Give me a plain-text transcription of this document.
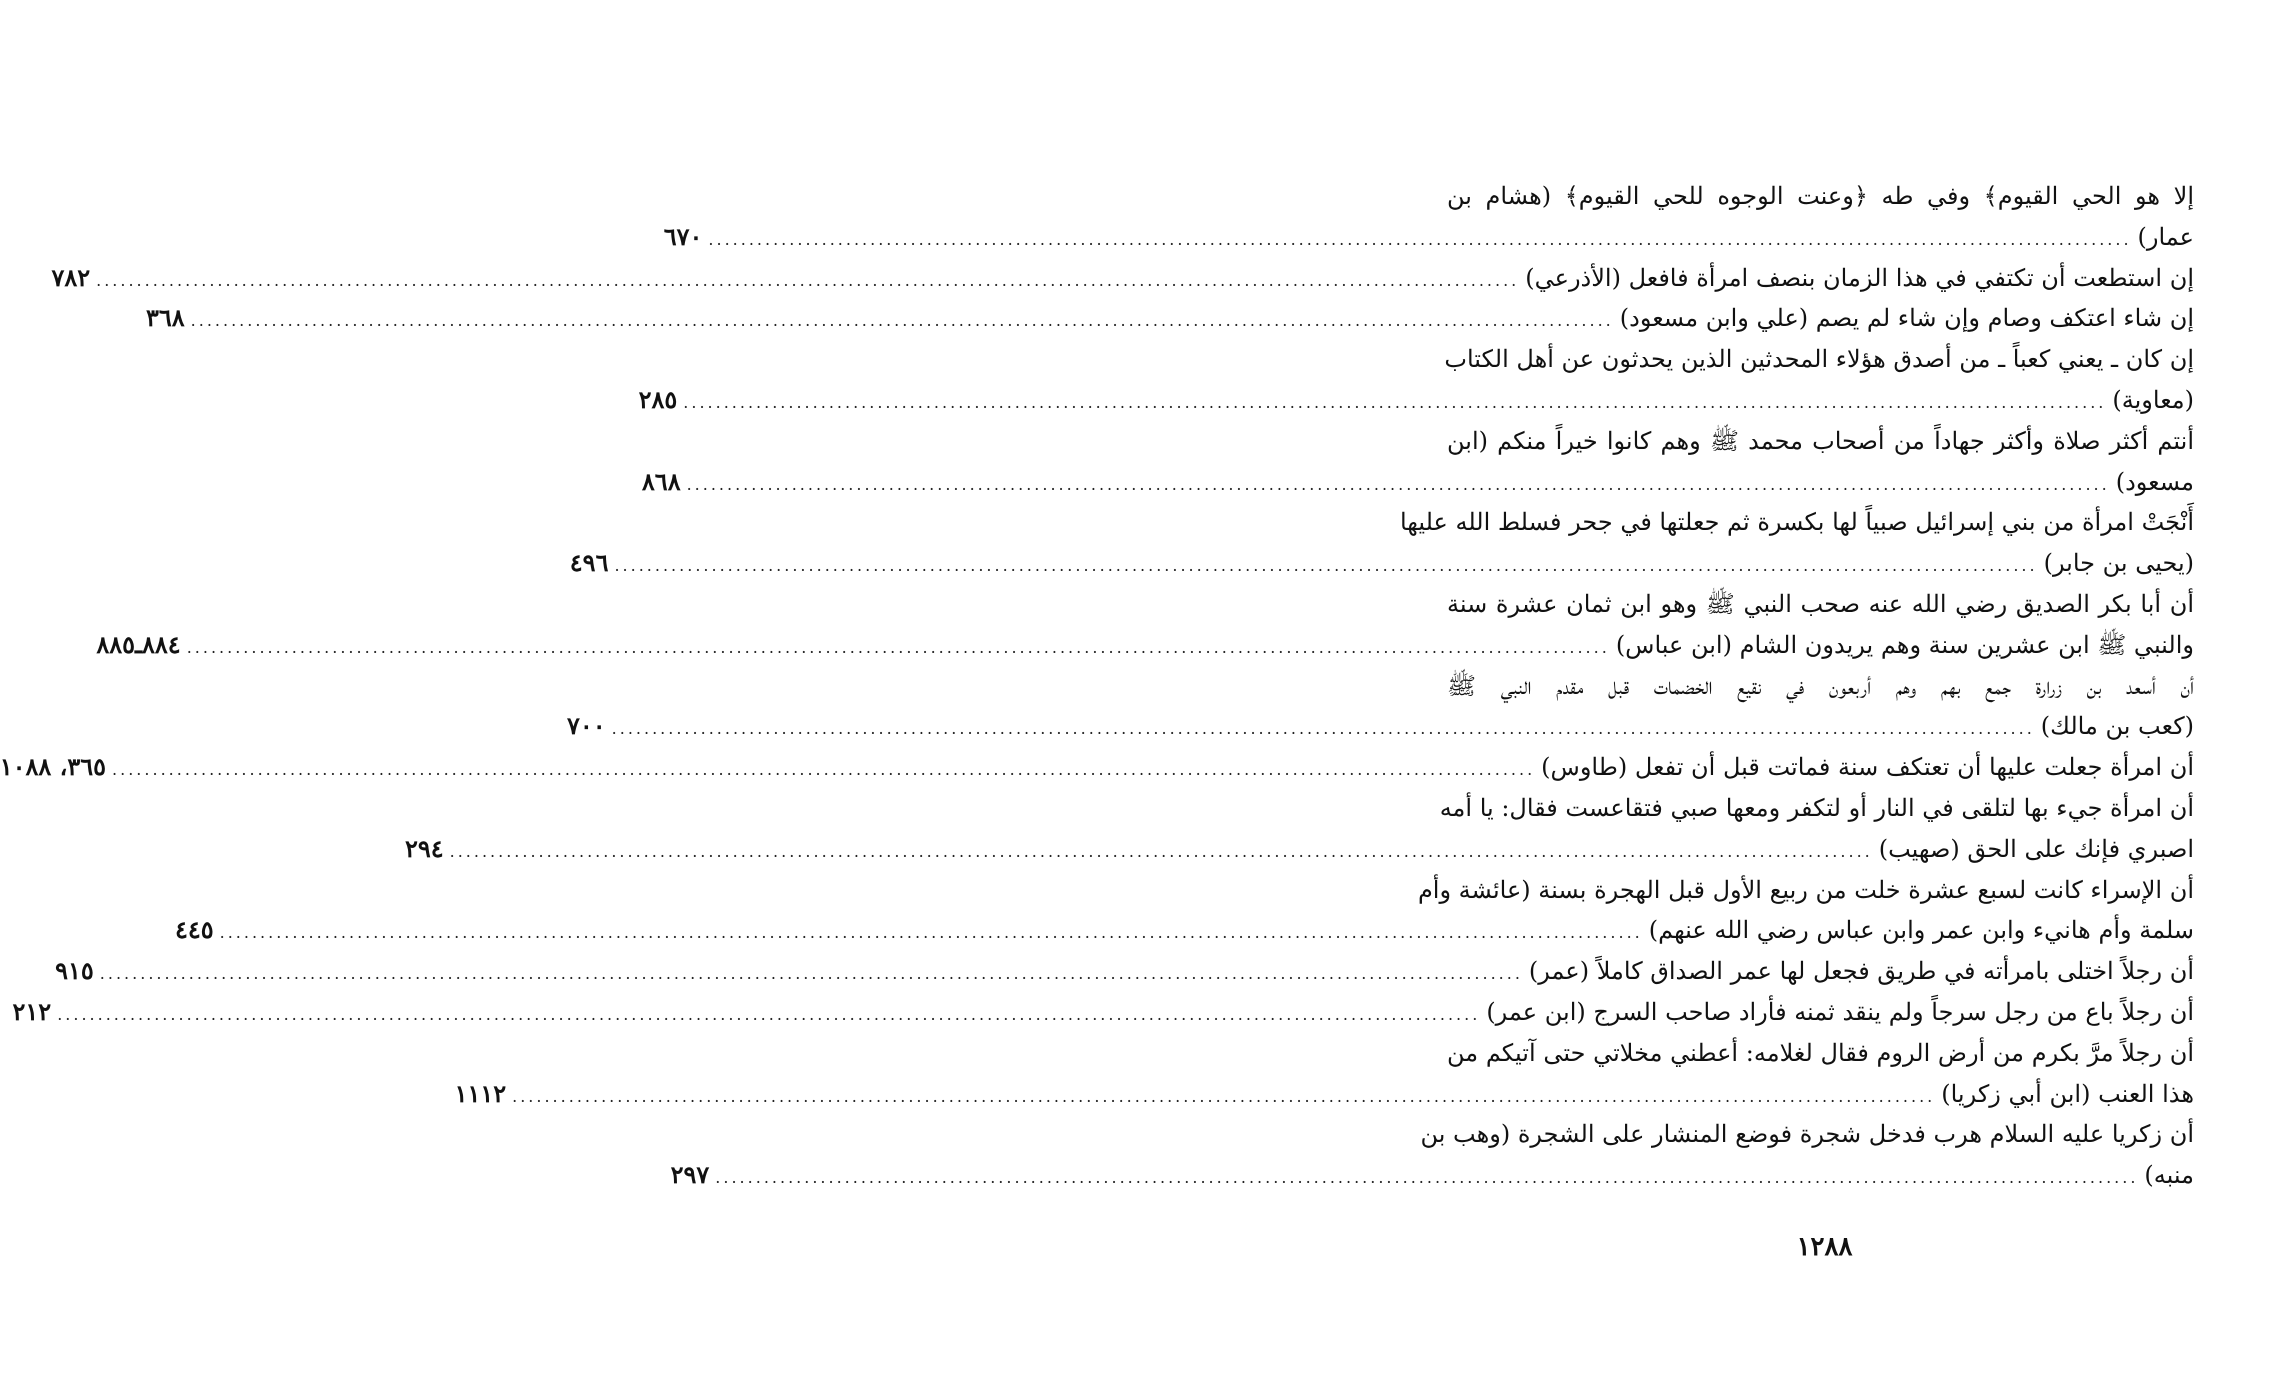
إلا هو الحي القيوم﴾ وفي طه ﴿وعنت الوجوه للحي القيوم﴾ (هشام بن
عمار)
.....
٦٧٠
إن استطعت أن تكتفي في هذا الزمان بنصف امرأة فافعل (الأذرعي)
.....
٧٨٢
إن شاء اعتكف وصام وإن شاء لم يصم (علي وابن مسعود)
.....
٣٦٨
إن كان ـ يعني كعباً ـ من أصدق هؤلاء المحدثين الذين يحدثون عن أهل الكتاب
(معاوية)
.....
٢٨٥
أنتم أكثر صلاة وأكثر جهاداً من أصحاب محمد ﷺ وهم كانوا خيراً منكم (ابن
مسعود)
.....
٨٦٨
أَنْجَتْ امرأة من بني إسرائيل صبياً لها بكسرة ثم جعلتها في جحر فسلط الله عليها
(يحيى بن جابر)
.....
٤٩٦
أن أبا بكر الصديق رضي الله عنه صحب النبي ﷺ وهو ابن ثمان عشرة سنة
والنبي ﷺ ابن عشرين سنة وهم يريدون الشام (ابن عباس)
.....
٨٨٤ـ٨٨٥
أن أسعد بن زرارة جمع بهم وهم أربعون في نقيع الخضمات قبل مقدم النبي ﷺ
(كعب بن مالك)
.....
٧٠٠
أن امرأة جعلت عليها أن تعتكف سنة فماتت قبل أن تفعل (طاوس)
.....
٣٦٥، ١٠٨٨
أن امرأة جيء بها لتلقى في النار أو لتكفر ومعها صبي فتقاعست فقال: يا أمه
اصبري فإنك على الحق (صهيب)
.....
٢٩٤
أن الإسراء كانت لسبع عشرة خلت من ربيع الأول قبل الهجرة بسنة (عائشة وأم
سلمة وأم هانيء وابن عمر وابن عباس رضي الله عنهم)
.....
٤٤٥
أن رجلاً اختلى بامرأته في طريق فجعل لها عمر الصداق كاملاً (عمر)
.....
٩١٥
أن رجلاً باع من رجل سرجاً ولم ينقد ثمنه فأراد صاحب السرج (ابن عمر)
.....
٢١٢
أن رجلاً مرَّ بكرم من أرض الروم فقال لغلامه: أعطني مخلاتي حتى آتيكم من
هذا العنب (ابن أبي زكريا)
.....
١١١٢
أن زكريا عليه السلام هرب فدخل شجرة فوضع المنشار على الشجرة (وهب بن
منبه)
.....
٢٩٧
١٢٨٨
